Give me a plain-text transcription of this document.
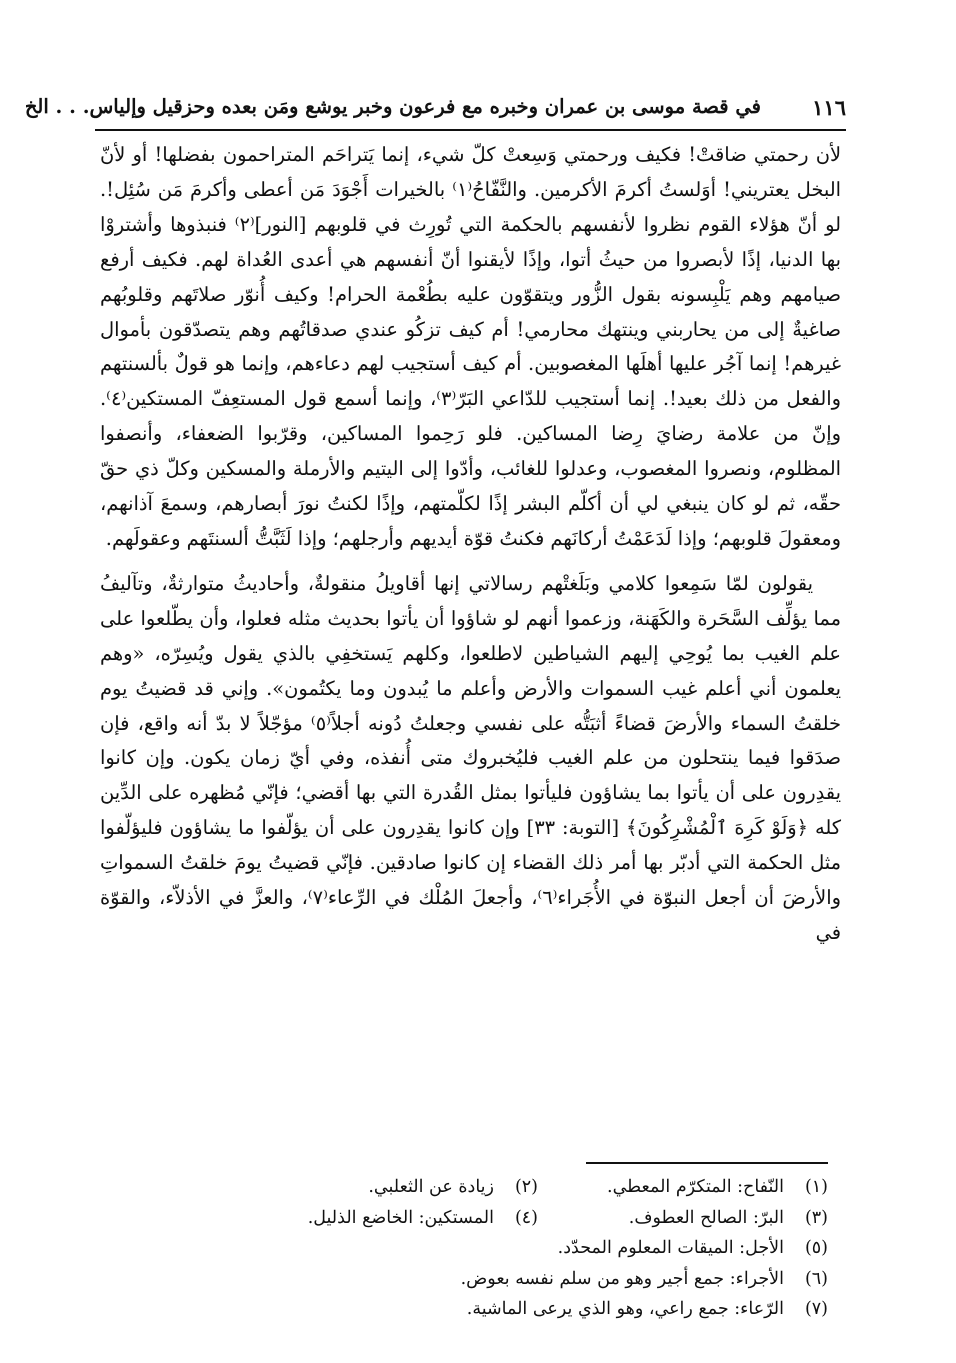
١١٦
في قصة موسى بن عمران وخبره مع فرعون وخبر يوشع ومَن بعده وحزقيل وإلياس. . . الخ
لأن رحمتي ضاقتْ! فكيف ورحمتي وَسِعتْ كلّ شيء، إنما يَتراحَم المتراحمون بفضلها! أو لأنّ البخل يعتريني! أوَلستُ أكرمَ الأكرمين. والنَّفّاحُ⁽١⁾ بالخيرات أَجْوَدَ مَن أعطى وأكرمَ مَن سُئِل!. لو أنّ هؤلاء القوم نظروا لأنفسهم بالحكمة التي تُورِث في قلوبهم [النور]⁽٢⁾ فنبذوها وأشتروْا بها الدنيا، إذًا لأبصروا من حيثُ أتوا، وإذًا لأيقنوا أنّ أنفسهم هي أعدى العُداة لهم. فكيف أرفع صيامهم وهم يَلْبِسونه بقول الزُّور ويتقوّون عليه بطُعْمة الحرام! وكيف أُنوّر صلاتَهم وقلوبُهم صاغيةٌ إلى من يحاربني وينتهك محارمي! أم كيف تزكُو عندي صدقاتُهم وهم يتصدّقون بأموال غيرهم! إنما آجُر عليها أهلَها المغصوبين. أم كيف أستجيب لهم دعاءهم، وإنما هو قولٌ بألسنتهم والفعل من ذلك بعيد!. إنما أستجيب للدّاعي البَرّ⁽٣⁾، وإنما أسمع قول المستعِفّ المستكين⁽٤⁾. وإنّ من علامة رضايَ رِضا المساكين. فلو رَحِموا المساكين، وقرّبوا الضعفاء، وأنصفوا المظلوم، ونصروا المغصوب، وعدلوا للغائب، وأدّوا إلى اليتيم والأرملة والمسكين وكلّ ذي حقّ حقّه، ثم لو كان ينبغي لي أن أكلّم البشر إذًا لكلّمتهم، وإذًا لكنتُ نورَ أبصارهم، وسمعَ آذانهم، ومعقولَ قلوبهم؛ وإذا لَدَعَمْتُ أركانَهم فكنتُ قوّة أيديهم وأرجلهم؛ وإذا لَثَبَّتُّ ألسنتَهم وعقولَهم.
يقولون لمّا سَمِعوا كلامي وبَلَغتْهم رسالاتي إنها أقاويلُ منقولةٌ، وأحاديثُ متوارثةٌ، وتآليفُ مما يؤلِّف السَّحَرة والكَهَنة، وزعموا أنهم لو شاؤوا أن يأتوا بحديث مثله فعلوا، وأن يطّلعوا على علم الغيب بما يُوحِي إليهم الشياطين لاطلعوا، وكلهم يَستخفِي بالذي يقول ويُسِرّه، «وهم يعلمون أني أعلم غيب السموات والأرض وأعلم ما يُبدون وما يكتُمون». وإني قد قضيتُ يوم خلقتُ السماء والأرضَ قضاءً أثبَتُّه على نفسي وجعلتُ دُونه أجلاً⁽٥⁾ مؤجّلاً لا بدّ أنه واقع، فإن صدَقوا فيما ينتحلون من علم الغيب فليُخبروك متى أُنفذه، وفي أيّ زمان يكون. وإن كانوا يقدِرون على أن يأتوا بما يشاؤون فليأتوا بمثل القُدرة التي بها أقضي؛ فإنّي مُظهره على الدِّين كله ﴿وَلَوْ كَرِهَ ٱلْمُشْرِكُونَ﴾ [التوبة: ٣٣] وإن كانوا يقدِرون على أن يؤلّفوا ما يشاؤون فليؤلّفوا مثل الحكمة التي أدبّر بها أمر ذلك القضاء إن كانوا صادقين. فإنّي قضيتُ يومَ خلقتُ السمواتِ والأرضَ أن أجعل النبوّة في الأُجَراء⁽٦⁾، وأجعلَ المُلْك في الرِّعاء⁽٧⁾، والعزَّ في الأذلاّء، والقوّة في
(١)
النّفاح: المتكرّم المعطي.
(٢)
زيادة عن الثعلبي.
(٣)
البرّ: الصالح العطوف.
(٤)
المستكين: الخاضع الذليل.
(٥)
الأجل: الميقات المعلوم المحدّد.
(٦)
الأجراء: جمع أجير وهو من سلم نفسه بعوض.
(٧)
الرّعاء: جمع راعي، وهو الذي يرعى الماشية.
